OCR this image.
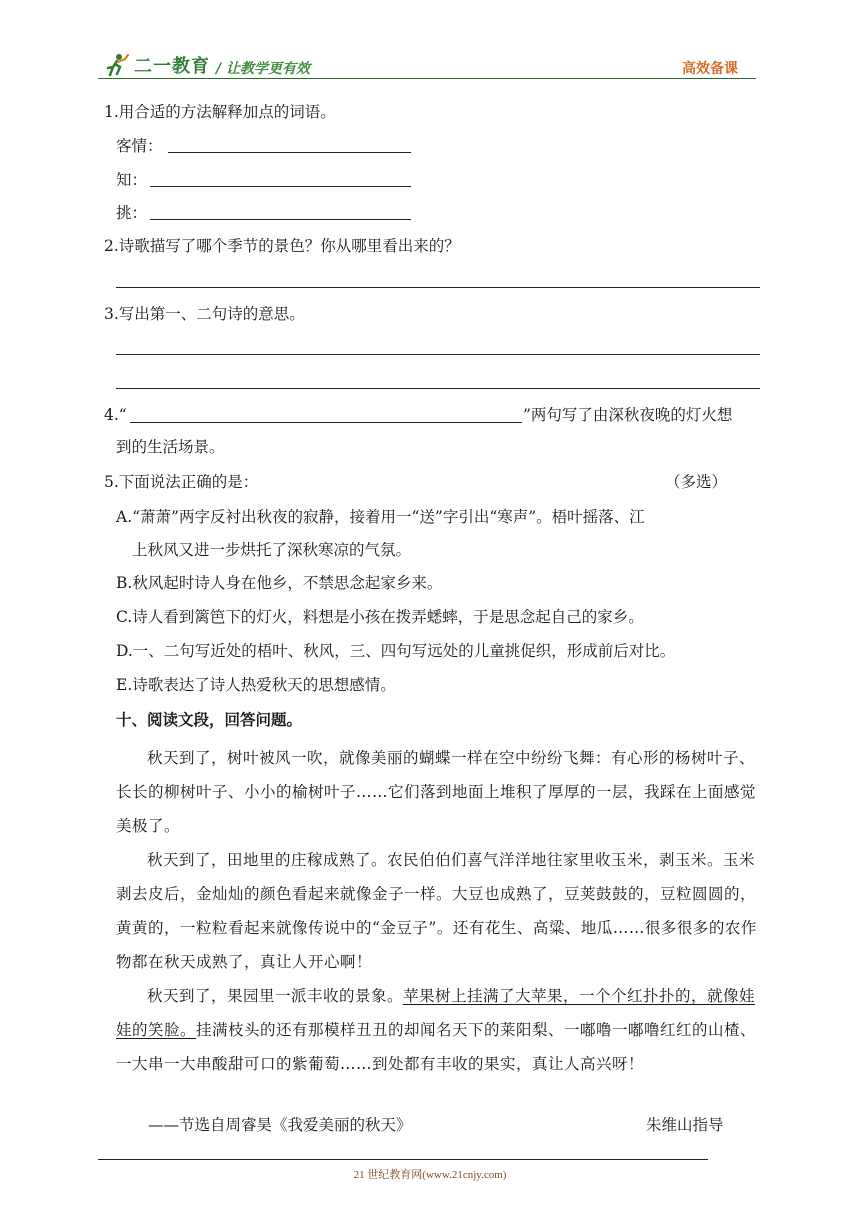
二一教育 / 让教学更有效	高效备课
1.用合适的方法解释加点的词语。
客情：
知：
挑：
2.诗歌描写了哪个季节的景色？你从哪里看出来的？
3.写出第一、二句诗的意思。
4.“	”两句写了由深秋夜晚的灯火想
到的生活场景。
5.下面说法正确的是：	（多选）
A.“萧萧”两字反衬出秋夜的寂静，接着用一“送”字引出“寒声”。梧叶摇落、江
上秋风又进一步烘托了深秋寒凉的气氛。
B.秋风起时诗人身在他乡，不禁思念起家乡来。
C.诗人看到篱笆下的灯火，料想是小孩在拨弄蟋蟀，于是思念起自己的家乡。
D.一、二句写近处的梧叶、秋风，三、四句写远处的儿童挑促织，形成前后对比。
E.诗歌表达了诗人热爱秋天的思想感情。
十、阅读文段，回答问题。
秋天到了，树叶被风一吹，就像美丽的蝴蝶一样在空中纷纷飞舞：有心形的杨树叶子、长长的柳树叶子、小小的榆树叶子……它们落到地面上堆积了厚厚的一层，我踩在上面感觉美极了。
秋天到了，田地里的庄稼成熟了。农民伯伯们喜气洋洋地往家里收玉米，剥玉米。玉米剥去皮后，金灿灿的颜色看起来就像金子一样。大豆也成熟了，豆荚鼓鼓的，豆粒圆圆的，黄黄的，一粒粒看起来就像传说中的“金豆子”。还有花生、高粱、地瓜……很多很多的农作物都在秋天成熟了，真让人开心啊！
秋天到了，果园里一派丰收的景象。苹果树上挂满了大苹果，一个个红扑扑的，就像娃娃的笑脸。挂满枝头的还有那模样丑丑的却闻名天下的莱阳梨、一嘟噜一嘟噜红红的山楂、一大串一大串酸甜可口的紫葡萄……到处都有丰收的果实，真让人高兴呀！
——节选自周睿昊《我爱美丽的秋天》	朱维山指导
21 世纪教育网(www.21cnjy.com)
